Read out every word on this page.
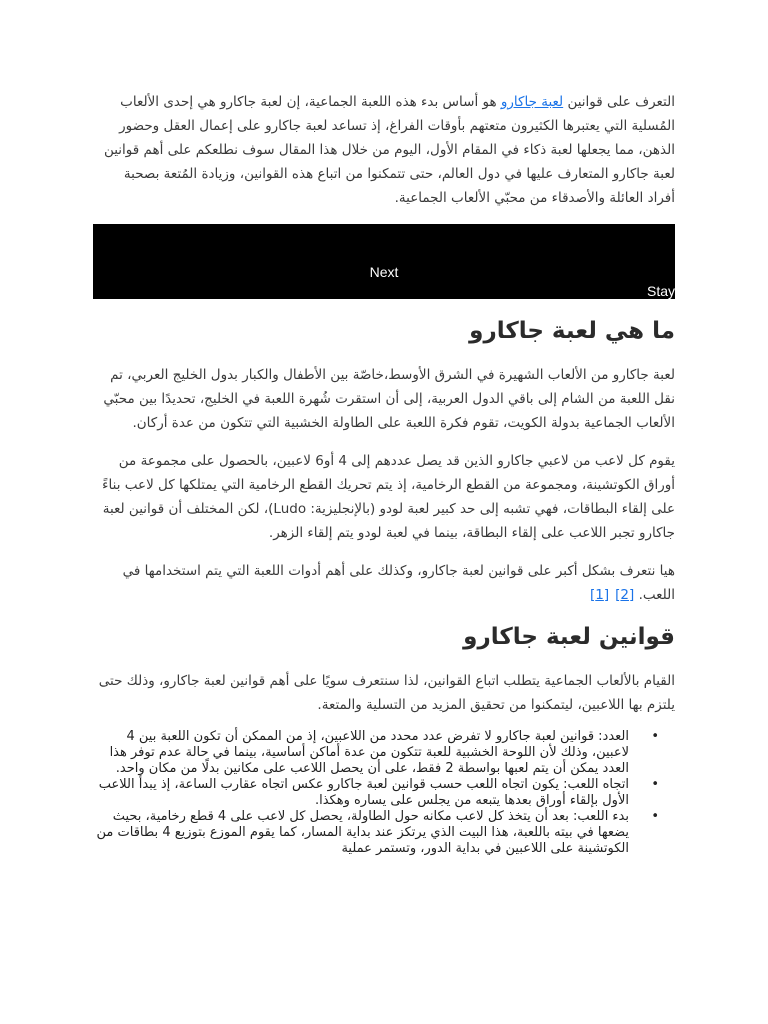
التعرف على قوانين لعبة جاكارو هو أساس بدء هذه اللعبة الجماعية، إن لعبة جاكارو هي إحدى الألعاب المُسلية التي يعتبرها الكثيرون متعتهم بأوقات الفراغ، إذ تساعد لعبة جاكارو على إعمال العقل وحضور الذهن، مما يجعلها لعبة ذكاء في المقام الأول، اليوم من خلال هذا المقال سوف نطلعكم على أهم قوانين لعبة جاكارو المتعارف عليها في دول العالم، حتى تتمكنوا من اتباع هذه القوانين، وزيادة المُتعة بصحبة أفراد العائلة والأصدقاء من محبّي الألعاب الجماعية.

Next
Stay
ما هي لعبة جاكارو

لعبة جاكارو من الألعاب الشهيرة في الشرق الأوسط،خاصّة بين الأطفال والكبار بدول الخليج العربي، تم نقل اللعبة من الشام إلى باقي الدول العربية، إلى أن استقرت شُهرة اللعبة في الخليج، تحديدًا بين محبّي الألعاب الجماعية بدولة الكويت، تقوم فكرة اللعبة على الطاولة الخشبية التي تتكون من عدة أركان.

يقوم كل لاعب من لاعبي جاكارو الذين قد يصل عددهم إلى 4 أو6 لاعبين، بالحصول على مجموعة من أوراق الكوتشينة، ومجموعة من القطع الرخامية، إذ يتم تحريك القطع الرخامية التي يمتلكها كل لاعب بناءً على إلقاء البطاقات، فهي تشبه إلى حد كبير لعبة لودو (بالإنجليزية: Ludo)، لكن المختلف أن قوانين لعبة جاكارو تجبر اللاعب على إلقاء البطاقة، بينما في لعبة لودو يتم إلقاء الزهر.

هيا نتعرف بشكل أكبر على قوانين لعبة جاكارو، وكذلك على أهم أدوات اللعبة التي يتم استخدامها في اللعب. [2][1]

قوانين لعبة جاكارو

القيام بالألعاب الجماعية يتطلب اتباع القوانين، لذا سنتعرف سويًا على أهم قوانين لعبة جاكارو، وذلك حتى يلتزم بها اللاعبين، ليتمكنوا من تحقيق المزيد من التسلية والمتعة.

•
العدد: قوانين لعبة جاكارو لا تفرض عدد محدد من اللاعبين، إذ من الممكن أن تكون اللعبة بين 4 لاعبين، وذلك لأن اللوحة الخشبية للعبة تتكون من عدة أماكن أساسية، بينما في حالة عدم توفر هذا العدد يمكن أن يتم لعبها بواسطة 2 فقط، على أن يحصل اللاعب على مكانين بدلًا من مكان واحد.
•
اتجاه اللعب: يكون اتجاه اللعب حسب قوانين لعبة جاكارو عكس اتجاه عقارب الساعة، إذ يبدأ اللاعب الأول بإلقاء أوراق بعدها يتبعه من يجلس على يساره وهكذا.
•
بدء اللعب: بعد أن يتخذ كل لاعب مكانه حول الطاولة، يحصل كل لاعب على 4 قطع رخامية، بحيث يضعها في بيته باللعبة، هذا البيت الذي يرتكز عند بداية المسار، كما يقوم الموزع بتوزيع 4 بطاقات من الكوتشينة على اللاعبين في بداية الدور، وتستمر عملية
